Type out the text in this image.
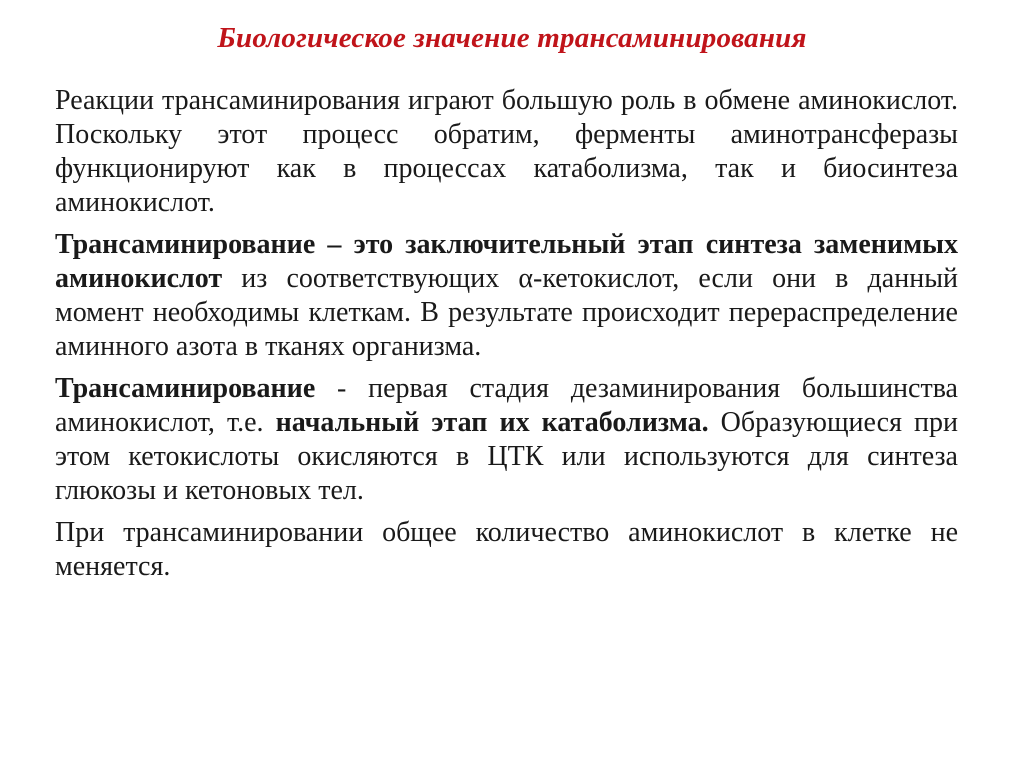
Биологическое значение трансаминирования

Реакции трансаминирования играют большую роль в обмене аминокислот. Поскольку этот процесс обратим, ферменты аминотрансферазы функционируют как в процессах катаболизма, так и биосинтеза аминокислот.

Трансаминирование – это заключительный этап синтеза заменимых аминокислот из соответствующих α-кетокислот, если они в данный момент необходимы клеткам. В результате происходит перераспределение аминного азота в тканях организма.

Трансаминирование - первая стадия дезаминирования большинства аминокислот, т.е. начальный этап их катаболизма. Образующиеся при этом кетокислоты окисляются в ЦТК или используются для синтеза глюкозы и кетоновых тел.

При трансаминировании общее количество аминокислот в клетке не меняется.
